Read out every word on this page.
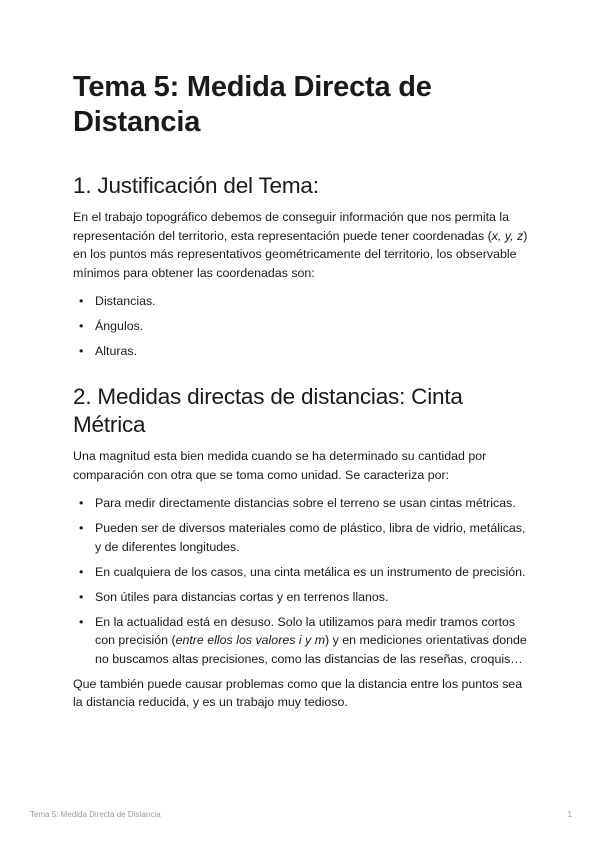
Tema 5: Medida Directa de Distancia
1. Justificación del Tema:

En el trabajo topográfico debemos de conseguir información que nos permita la representación del territorio, esta representación puede tener coordenadas (x, y, z) en los puntos más representativos geométricamente del territorio, los observable mínimos para obtener las coordenadas son:

• Distancias.
• Ángulos.
• Alturas.
2. Medidas directas de distancias: Cinta Métrica

Una magnitud esta bien medida cuando se ha determinado su cantidad por comparación con otra que se toma como unidad. Se caracteriza por:

• Para medir directamente distancias sobre el terreno se usan cintas métricas.
• Pueden ser de diversos materiales como de plástico, libra de vidrio, metálicas, y de diferentes longitudes.
• En cualquiera de los casos, una cinta metálica es un instrumento de precisión.
• Son útiles para distancias cortas y en terrenos llanos.
• En la actualidad está en desuso. Solo la utilizamos para medir tramos cortos con precisión (entre ellos los valores i y m) y en mediciones orientativas donde no buscamos altas precisiones, como las distancias de las reseñas, croquis…

Que también puede causar problemas como que la distancia entre los puntos sea la distancia reducida, y es un trabajo muy tedioso.

Tema 5: Medida Directa de Distancia	1
